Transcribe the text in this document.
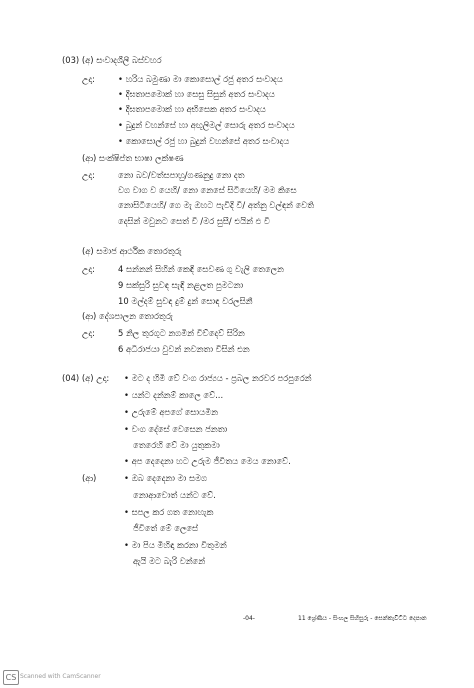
(03) (අ) සංවාදශීලී බස්වහර
උදා:	• හරිය බමුණා මා කොසොල් රජු අතර සංවාදය
• දීඝතාපමොක් හා සෙසු සිසුන් අතර සංවාදය
• දීඝතාපමොක් හා අභිසෙක අතර සංවාදය
• බුදුන් වහන්සේ හා අඟුලිමල් සොරු අතර සංවාදය
• කොසොල් රජු හා බුදුන් වහන්සේ අතර සංවාදය
(ආ) සංක්ෂිප්ත භාෂා ලක්ෂණ
උදා:	නො බව/වත්සපාහු/ගණනුදු නො දත
වග වාග ව යෙහි/ නො නෙසේ සිටියෙහි/ මම කිසෙ
නොසිටියෙහි/ ගෙ මැ ඔහට පැවිදි වී/ අත්නු වල්ඳන් වෙති
දෙසින් මවුනට සෙත් වී /මර සුසී/ එයින් ඵ වී
(අ) සමාජ ආර්ථික තොරතුරු
උදා:	4 සන්නන් සිහින් කෙඳි සෙවණ ගු වැලි තෙලෙන
9 සක්සුරි සුවඳ සැඳි නළලත පුමටනා
10 මල්දම් සුවඳ දුම් දුන් සොඳ වරලසිනී
(ආ) දේශපාලන තොරතුරු
උදා:	5 නිල තුරගුට නගමින් විව්දෙව් සිරින
6 අධිරාජයා වුවන් නවනතා විසින් එන
(04) (අ) උදා: • මට ද හිමි වේ වංග රාජ්‍යය - ප්‍රබල නරවර පරපුරෙන්
• යන්ට දන්නම් කාලෙ වේ...
• උරුමේ අපගේ සොයමින
• වංග දේසේ වෙසෙන ජනතා
තෙරෙහි වේ මා යුතුකමා
• අප දෙදෙනා හට උරුම ජීවිතය මෙය නොවේ.
(ආ)	• ඔබ දෙදෙනා මා සමග
නොආවොත් යන්ට වේ.
• සපල කර ගත නොහැක
ජීවිතේ මේ ලෙසේ
• මා පිය මිහිඳා කරනා විතුමන්
ඇයි මට බැරි වන්නේ
-04-	11 ශ්‍රේණිය - සිංහල සිහිසුරු - සෙන්කැවිට්ට දෙපාන
CS Scanned with CamScanner
